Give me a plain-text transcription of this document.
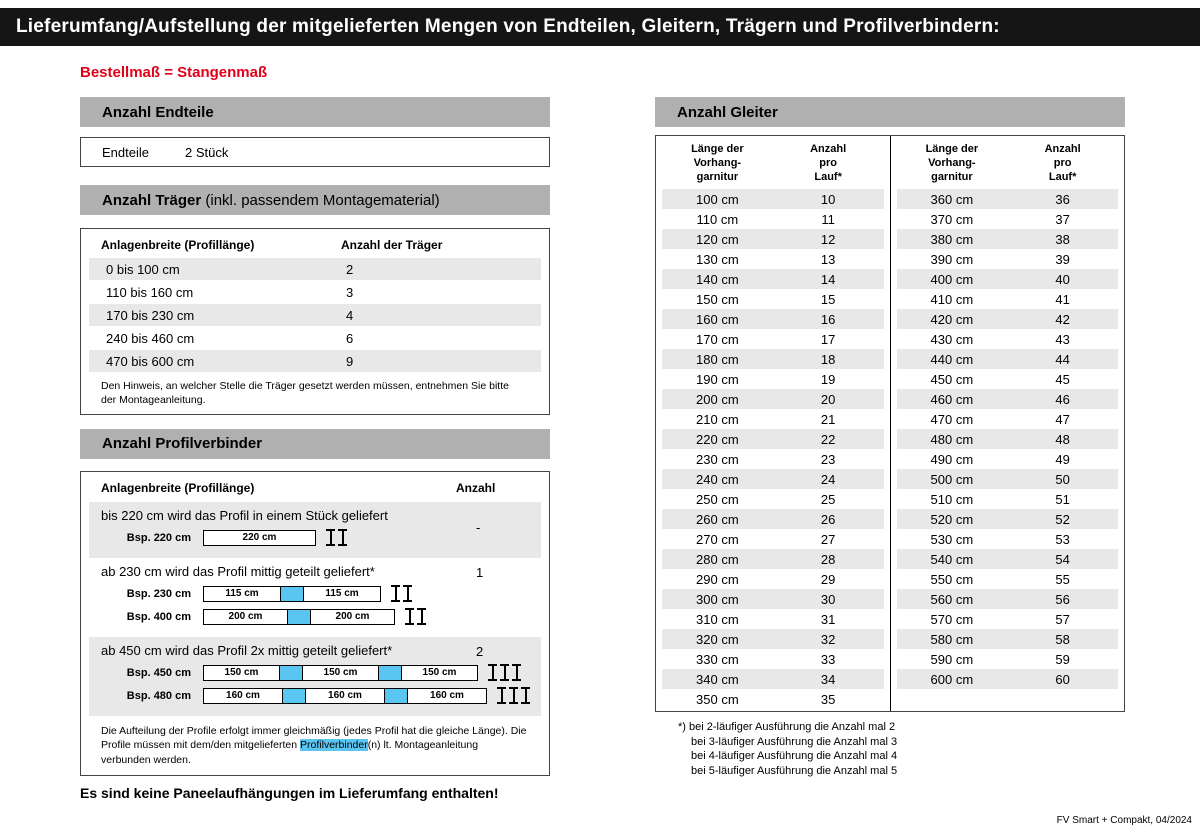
Lieferumfang/Aufstellung der mitgelieferten Mengen von Endteilen, Gleitern, Trägern und Profilverbindern:
Bestellmaß = Stangenmaß
Anzahl Endteile
Endteile	2 Stück
Anzahl Träger (inkl. passendem Montagematerial)
Anlagenbreite (Profillänge)	Anzahl der Träger
0 bis 100 cm	2
110 bis 160 cm	3
170 bis 230 cm	4
240 bis 460 cm	6
470 bis 600 cm	9
Den Hinweis, an welcher Stelle die Träger gesetzt werden müssen, entnehmen Sie bitte der Montageanleitung.
Anzahl Profilverbinder
Anlagenbreite (Profillänge)	Anzahl
bis 220 cm wird das Profil in einem Stück geliefert
-
Bsp. 220 cm	220 cm
ab 230 cm wird das Profil mittig geteilt geliefert*	1
Bsp. 230 cm	115 cm	115 cm
Bsp. 400 cm	200 cm	200 cm
ab 450 cm wird das Profil 2x mittig geteilt geliefert*	2
Bsp. 450 cm	150 cm	150 cm	150 cm
Bsp. 480 cm	160 cm	160 cm	160 cm
Die Aufteilung der Profile erfolgt immer gleichmäßig (jedes Profil hat die gleiche Länge). Die Profile müssen mit dem/den mitgelieferten Profilverbinder(n) lt. Montageanleitung verbunden werden.
Es sind keine Paneelaufhängungen im Lieferumfang enthalten!
Anzahl Gleiter
Länge der
Vorhang-
garnitur
Anzahl
pro
Lauf*
100 cm	10
110 cm	11
120 cm	12
130 cm	13
140 cm	14
150 cm	15
160 cm	16
170 cm	17
180 cm	18
190 cm	19
200 cm	20
210 cm	21
220 cm	22
230 cm	23
240 cm	24
250 cm	25
260 cm	26
270 cm	27
280 cm	28
290 cm	29
300 cm	30
310 cm	31
320 cm	32
330 cm	33
340 cm	34
350 cm	35
Länge der
Vorhang-
garnitur
Anzahl
pro
Lauf*
360 cm	36
370 cm	37
380 cm	38
390 cm	39
400 cm	40
410 cm	41
420 cm	42
430 cm	43
440 cm	44
450 cm	45
460 cm	46
470 cm	47
480 cm	48
490 cm	49
500 cm	50
510 cm	51
520 cm	52
530 cm	53
540 cm	54
550 cm	55
560 cm	56
570 cm	57
580 cm	58
590 cm	59
600 cm	60
*) bei 2-läufiger Ausführung die Anzahl mal 2
bei 3-läufiger Ausführung die Anzahl mal 3
bei 4-läufiger Ausführung die Anzahl mal 4
bei 5-läufiger Ausführung die Anzahl mal 5
FV Smart + Compakt, 04/2024
